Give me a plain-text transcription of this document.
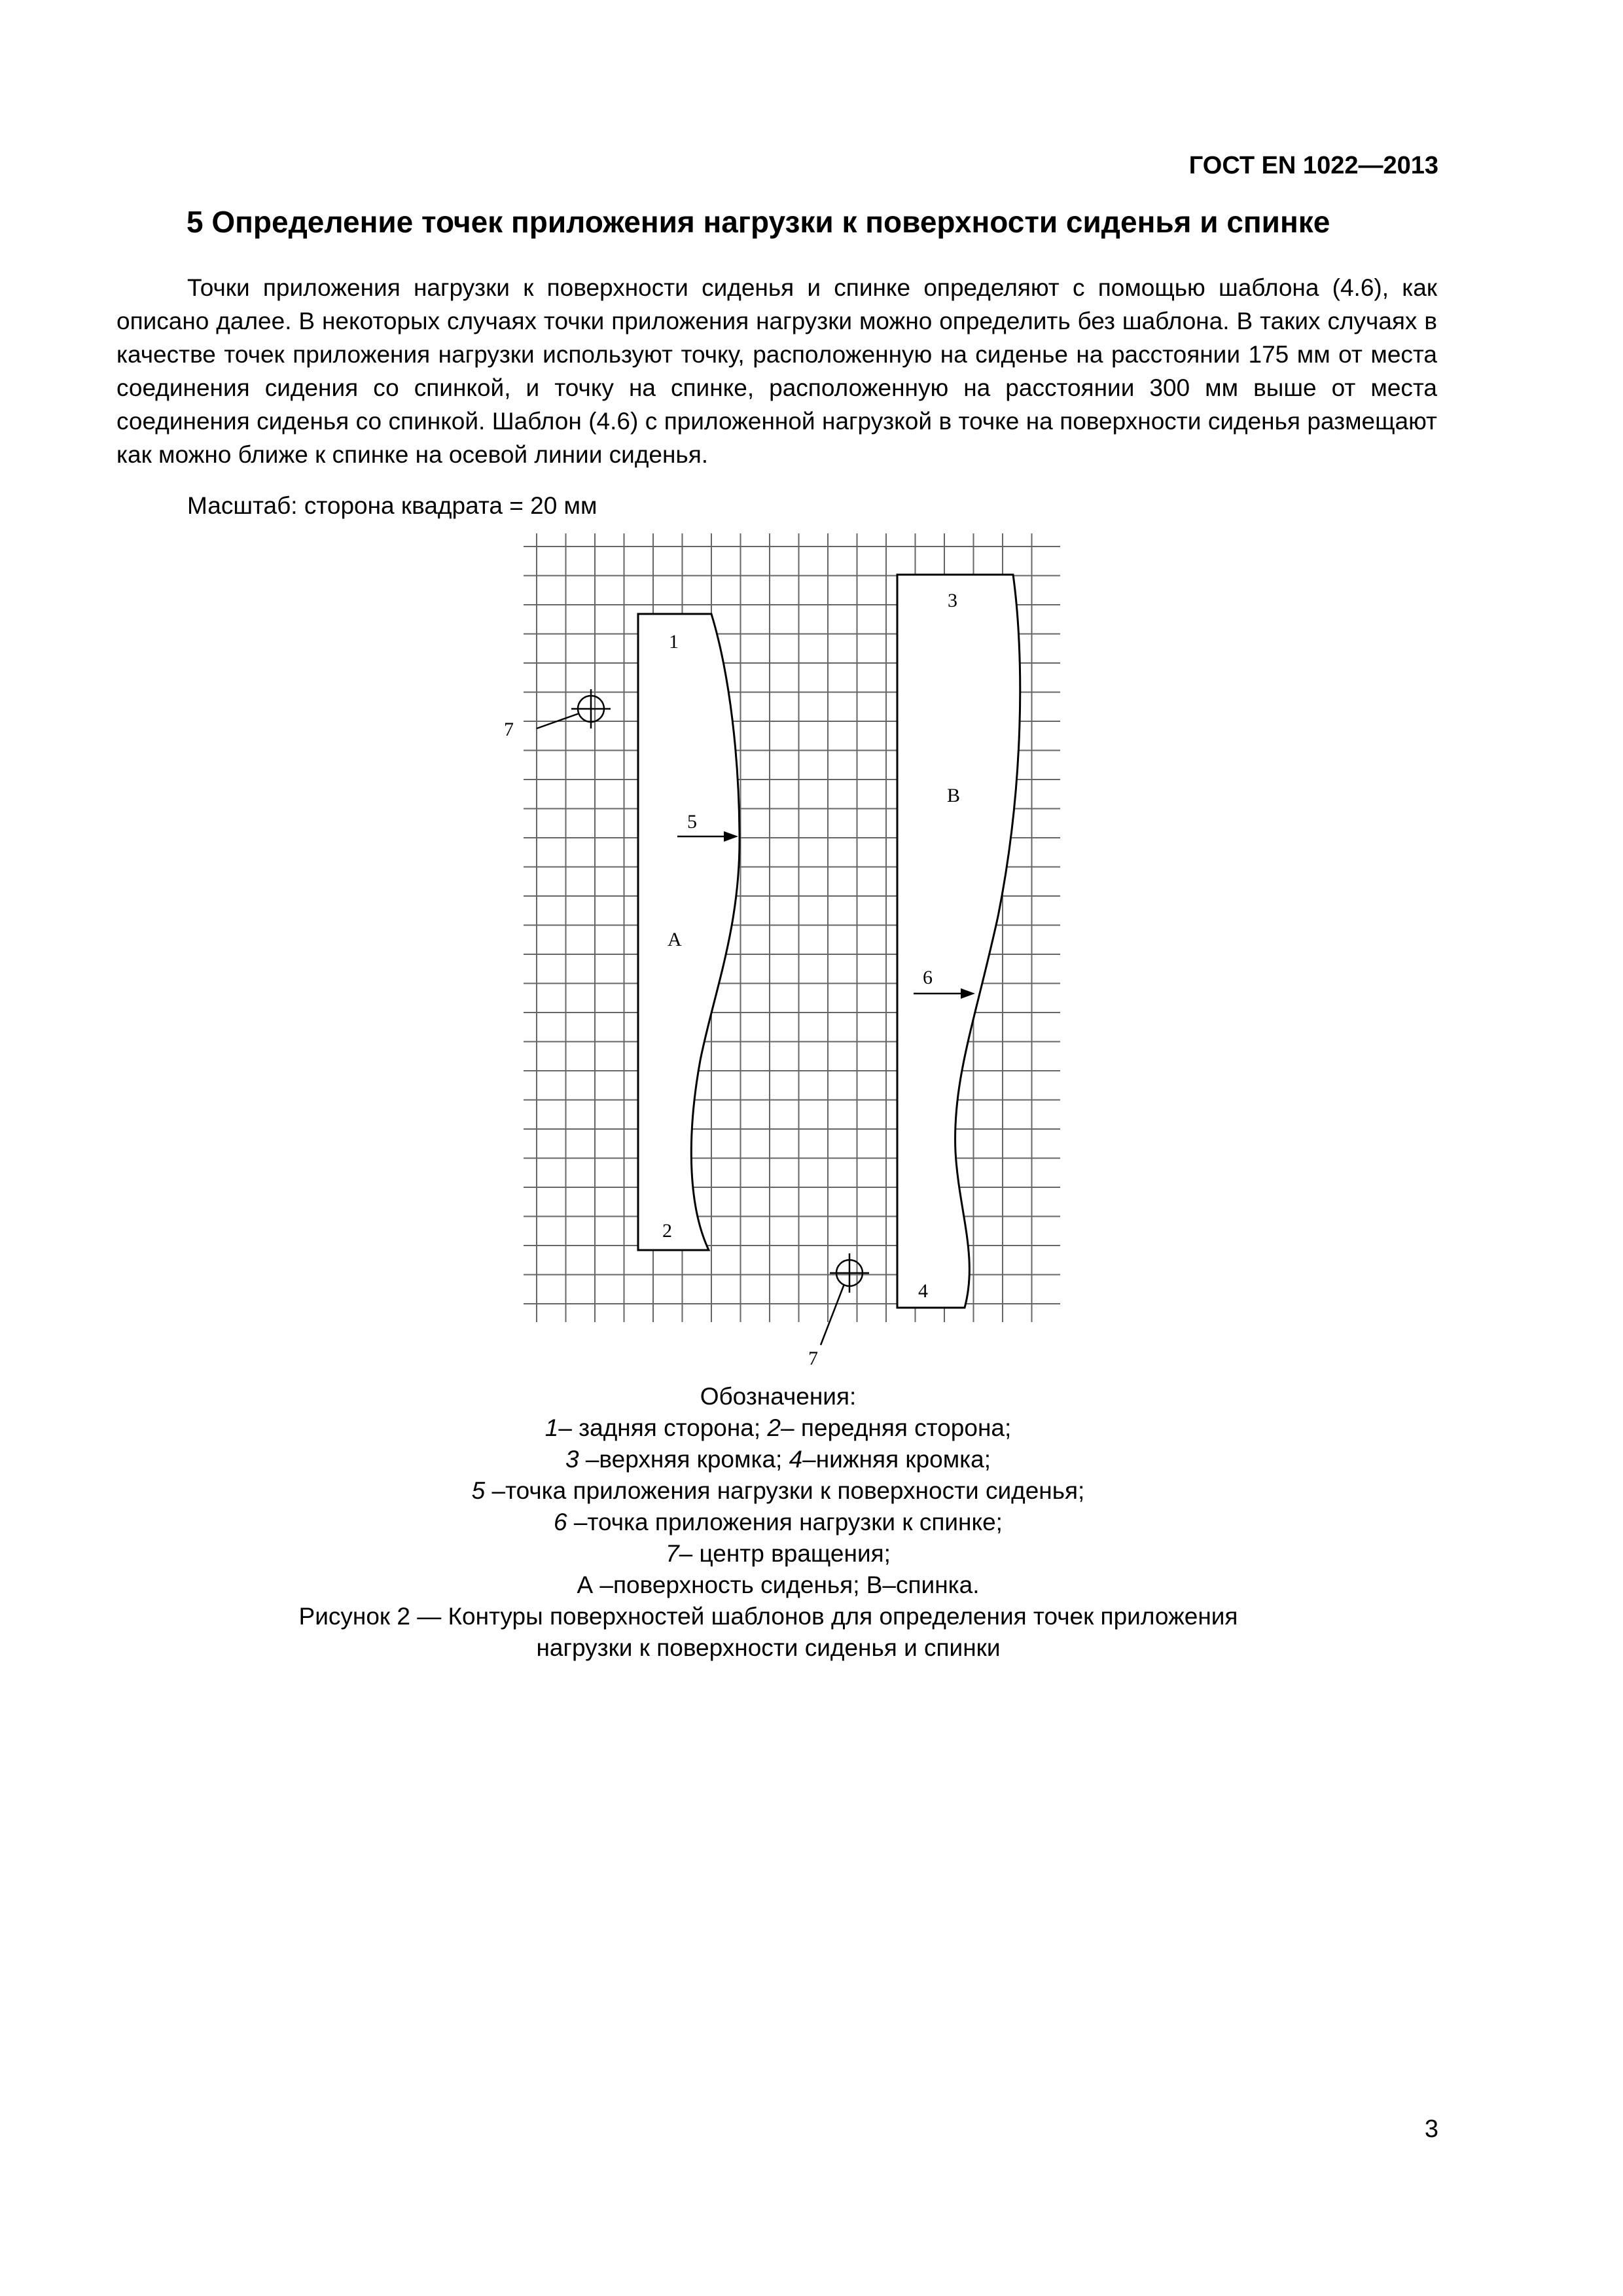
ГОСТ EN 1022—2013
5 Определение точек приложения нагрузки к поверхности сиденья и спинке

Точки приложения нагрузки к поверхности сиденья и спинке определяют с помощью шаблона (4.6), как описано далее. В некоторых случаях точки приложения нагрузки можно определить без шаблона. В таких случаях в качестве точек приложения нагрузки используют точку, расположенную на сиденье на расстоянии 175 мм от места соединения сидения со спинкой, и точку на спинке, расположенную на расстоянии 300 мм выше от места соединения сиденья со спинкой. Шаблон (4.6) с приложенной нагрузкой в точке на поверхности сиденья размещают как можно ближе к спинке на осевой линии сиденья.

Масштаб: сторона квадрата = 20 мм
1
2
3
4
5
6
7
7
А
В
Обозначения:
1– задняя сторона; 2– передняя сторона;
3 –верхняя кромка; 4–нижняя кромка;
5 –точка приложения нагрузки к поверхности сиденья;
6 –точка приложения нагрузки к спинке;
7– центр вращения;
А –поверхность сиденья; В–спинка.
Рисунок 2 — Контуры поверхностей шаблонов для определения точек приложения нагрузки к поверхности сиденья и спинки
3
